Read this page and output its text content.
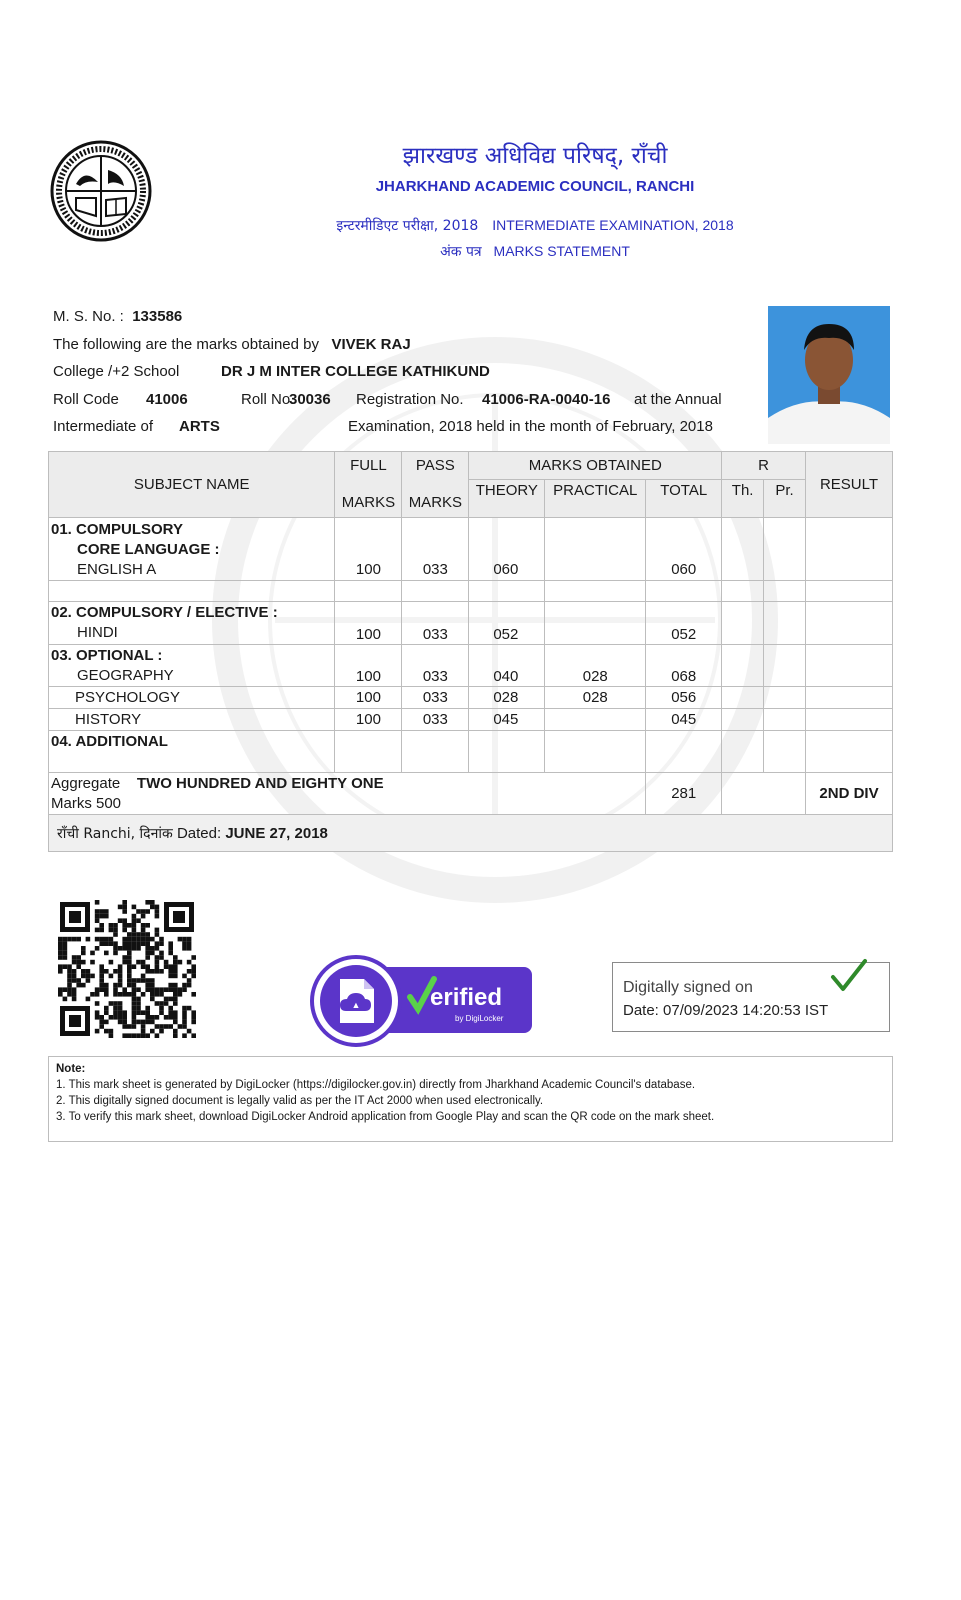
झारखण्ड अधिविद्य परिषद्, राँची
JHARKHAND ACADEMIC COUNCIL, RANCHI
इन्टरमीडिएट परीक्षा, 2018 INTERMEDIATE EXAMINATION, 2018
अंक पत्र MARKS STATEMENT
M. S. No. : 133586
The following are the marks obtained by VIVEK RAJ
College /+2 School	DR J M INTER COLLEGE KATHIKUND
Roll Code 41006	Roll No.
30036 Registration No. 41006-RA-0040-16 at the Annual
Intermediate of ARTS	Examination, 2018 held in the month of February, 2018
SUBJECT NAME	FULL	PASS	MARKS OBTAINED			R		RESULT
	MARKS	MARKS	THEORY	PRACTICAL	TOTAL	Th.	Pr.	

01. COMPULSORY
CORE LANGUAGE :
ENGLISH A	100	033	060		060			

02. COMPULSORY / ELECTIVE :
HINDI	100	033	052		052			

03. OPTIONAL :
GEOGRAPHY	100	033	040	028	068			
PSYCHOLOGY	100	033	028	028	056			
HISTORY	100	033	045		045			
04. ADDITIONAL								

Aggregate TWO HUNDRED AND EIGHTY ONE
Marks 500					281			2ND DIV
राँची Ranchi, दिनांक Dated: JUNE 27, 2018								
▲	erified
by DigiLocker
Digitally signed on
Date: 07/09/2023 14:20:53 IST
Note:
1. This mark sheet is generated by DigiLocker (https://digilocker.gov.in) directly from Jharkhand Academic Council's database.
2. This digitally signed document is legally valid as per the IT Act 2000 when used electronically.
3. To verify this mark sheet, download DigiLocker Android application from Google Play and scan the QR code on the mark sheet.
